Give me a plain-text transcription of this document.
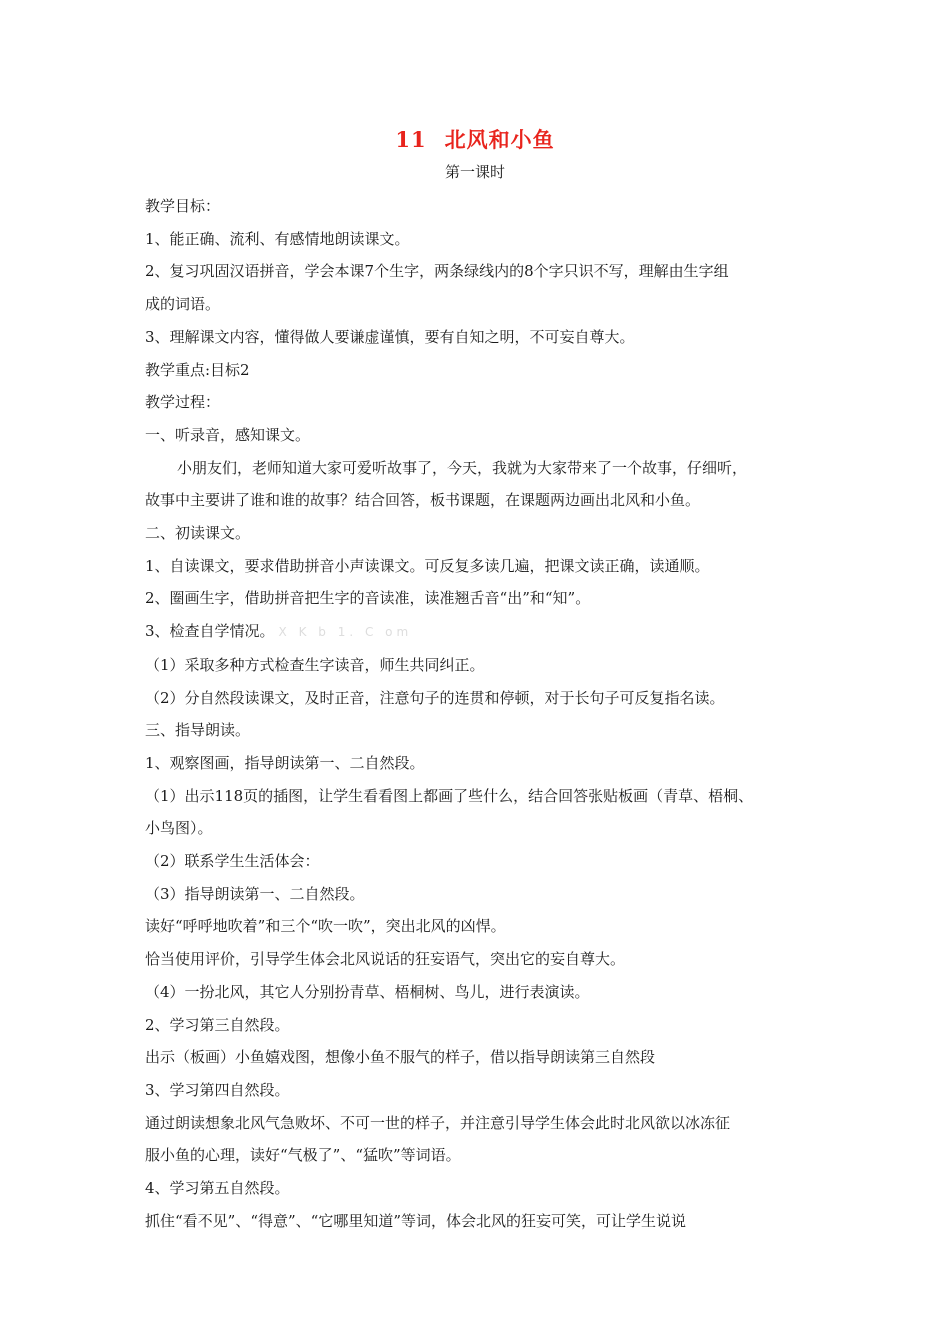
11 北风和小鱼
第一课时

教学目标：

1、能正确、流利、有感情地朗读课文。

2、复习巩固汉语拼音，学会本课7个生字，两条绿线内的8个字只识不写，理解由生字组

成的词语。

3、理解课文内容，懂得做人要谦虚谨慎，要有自知之明，不可妄自尊大。

教学重点:目标2

教学过程：

一、听录音，感知课文。

小朋友们，老师知道大家可爱听故事了，今天，我就为大家带来了一个故事，仔细听，

故事中主要讲了谁和谁的故事？结合回答，板书课题，在课题两边画出北风和小鱼。

二、初读课文。

1、自读课文，要求借助拼音小声读课文。可反复多读几遍，把课文读正确，读通顺。

2、圈画生字，借助拼音把生字的音读准，读准翘舌音“出”和“知”。

3、检查自学情况。 X K b 1. C om

（1）采取多种方式检查生字读音，师生共同纠正。

（2）分自然段读课文，及时正音，注意句子的连贯和停顿，对于长句子可反复指名读。

三、指导朗读。

1、观察图画，指导朗读第一、二自然段。

（1）出示118页的插图，让学生看看图上都画了些什么，结合回答张贴板画（青草、梧桐、

小鸟图）。

（2）联系学生生活体会：

（3）指导朗读第一、二自然段。

读好“呼呼地吹着”和三个“吹一吹”，突出北风的凶悍。

恰当使用评价，引导学生体会北风说话的狂妄语气，突出它的妄自尊大。

（4）一扮北风，其它人分别扮青草、梧桐树、鸟儿，进行表演读。

2、学习第三自然段。

出示（板画）小鱼嬉戏图，想像小鱼不服气的样子，借以指导朗读第三自然段

3、学习第四自然段。

通过朗读想象北风气急败坏、不可一世的样子，并注意引导学生体会此时北风欲以冰冻征

服小鱼的心理，读好“气极了”、“猛吹”等词语。

4、学习第五自然段。

抓住“看不见”、“得意”、“它哪里知道”等词，体会北风的狂妄可笑，可让学生说说
